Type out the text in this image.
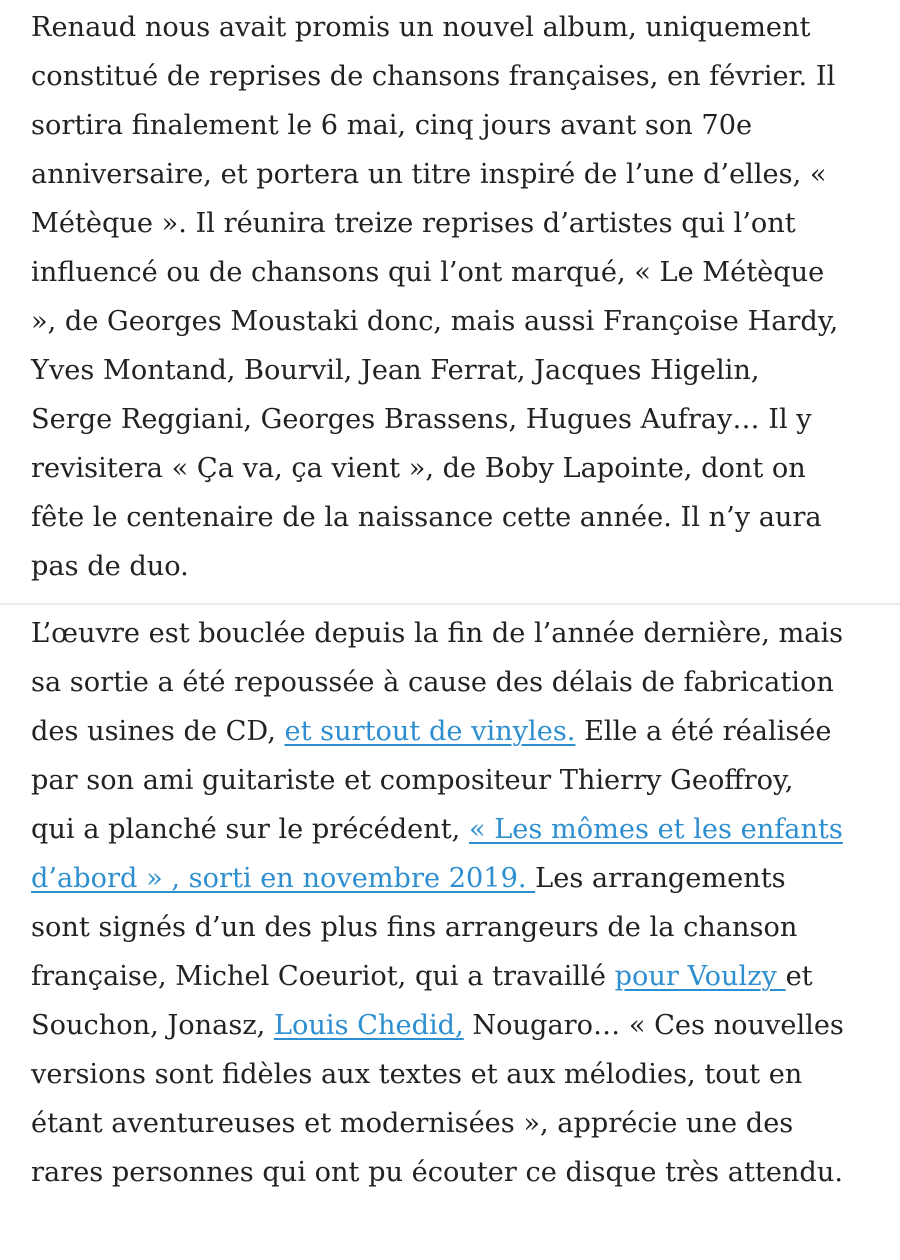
Renaud nous avait promis un nouvel album, uniquement
constitué de reprises de chansons françaises, en février. Il
sortira finalement le 6 mai, cinq jours avant son 70e
anniversaire, et portera un titre inspiré de l’une d’elles, «
Métèque ». Il réunira treize reprises d’artistes qui l’ont
influencé ou de chansons qui l’ont marqué, « Le Métèque
», de Georges Moustaki donc, mais aussi Françoise Hardy,
Yves Montand, Bourvil, Jean Ferrat, Jacques Higelin,
Serge Reggiani, Georges Brassens, Hugues Aufray… Il y
revisitera « Ça va, ça vient », de Boby Lapointe, dont on
fête le centenaire de la naissance cette année. Il n’y aura
pas de duo.

L’œuvre est bouclée depuis la fin de l’année dernière, mais
sa sortie a été repoussée à cause des délais de fabrication
des usines de CD, et surtout de vinyles. Elle a été réalisée
par son ami guitariste et compositeur Thierry Geoffroy,
qui a planché sur le précédent, « Les mômes et les enfants
d’abord » , sorti en novembre 2019. Les arrangements
sont signés d’un des plus fins arrangeurs de la chanson
française, Michel Coeuriot, qui a travaillé pour Voulzy et
Souchon, Jonasz, Louis Chedid, Nougaro… « Ces nouvelles
versions sont fidèles aux textes et aux mélodies, tout en
étant aventureuses et modernisées », apprécie une des
rares personnes qui ont pu écouter ce disque très attendu.
